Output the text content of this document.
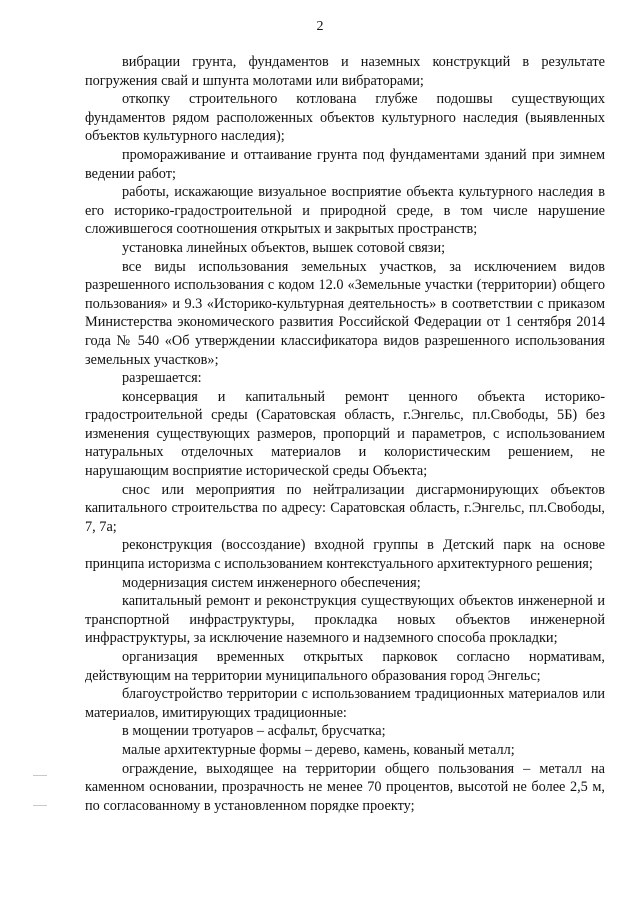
2

вибрации грунта, фундаментов и наземных конструкций в результате погружения свай и шпунта молотами или вибраторами;

откопку строительного котлована глубже подошвы существующих фундаментов рядом расположенных объектов культурного наследия (выявленных объектов культурного наследия);

промораживание и оттаивание грунта под фундаментами зданий при зимнем ведении работ;

работы, искажающие визуальное восприятие объекта культурного наследия в его историко-градостроительной и природной среде, в том числе нарушение сложившегося соотношения открытых и закрытых пространств;

установка линейных объектов, вышек сотовой связи;

все виды использования земельных участков, за исключением видов разрешенного использования с кодом 12.0 «Земельные участки (территории) общего пользования» и 9.3 «Историко-культурная деятельность» в соответствии с приказом Министерства экономического развития Российской Федерации от 1 сентября 2014 года № 540 «Об утверждении классификатора видов разрешенного использования земельных участков»;

разрешается:

консервация и капитальный ремонт ценного объекта историко-градостроительной среды (Саратовская область, г.Энгельс, пл.Свободы, 5Б) без изменения существующих размеров, пропорций и параметров, с использованием натуральных отделочных материалов и колористическим решением, не нарушающим восприятие исторической среды Объекта;

снос или мероприятия по нейтрализации дисгармонирующих объектов капитального строительства по адресу: Саратовская область, г.Энгельс, пл.Свободы, 7, 7а;

реконструкция (воссоздание) входной группы в Детский парк на основе принципа историзма с использованием контекстуального архитектурного решения;

модернизация систем инженерного обеспечения;

капитальный ремонт и реконструкция существующих объектов инженерной и транспортной инфраструктуры, прокладка новых объектов инженерной инфраструктуры, за исключение наземного и надземного способа прокладки;

организация временных открытых парковок согласно нормативам, действующим на территории муниципального образования город Энгельс;

благоустройство территории с использованием традиционных материалов или материалов, имитирующих традиционные:

в мощении тротуаров – асфальт, брусчатка;

малые архитектурные формы – дерево, камень, кованый металл;

ограждение, выходящее на территории общего пользования – металл на каменном основании, прозрачность не менее 70 процентов, высотой не более 2,5 м, по согласованному в установленном порядке проекту;
